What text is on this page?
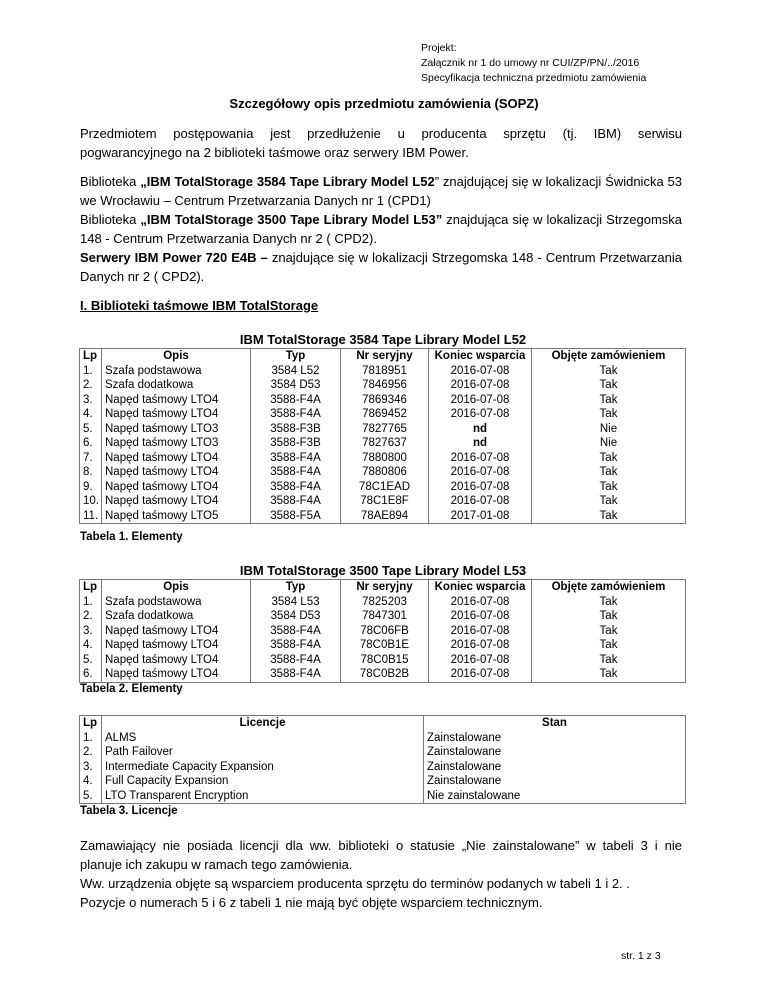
Projekt:
Załącznik nr 1 do umowy nr CUI/ZP/PN/../2016
Specyfikacja techniczna przedmiotu zamówienia
Szczegółowy opis przedmiotu zamówienia (SOPZ)
Przedmiotem postępowania jest przedłużenie u producenta sprzętu (tj. IBM) serwisu
pogwarancyjnego na 2 biblioteki taśmowe oraz serwery IBM Power.
Biblioteka „IBM TotalStorage 3584 Tape Library Model L52” znajdującej się w lokalizacji Świdnicka 53 we Wrocławiu – Centrum Przetwarzania Danych nr 1 (CPD1)
Biblioteka „IBM TotalStorage 3500 Tape Library Model L53” znajdująca się w lokalizacji Strzegomska 148 - Centrum Przetwarzania Danych nr 2 ( CPD2).
Serwery IBM Power 720 E4B – znajdujące się w lokalizacji Strzegomska 148 - Centrum Przetwarzania Danych nr 2 ( CPD2).
I. Biblioteki taśmowe IBM TotalStorage
IBM TotalStorage 3584 Tape Library Model L52
Lp	Opis	Typ	Nr seryjny	Koniec wsparcia	Objęte zamówieniem
1.	Szafa podstawowa	3584 L52	7818951	2016-07-08	Tak
2.	Szafa dodatkowa	3584 D53	7846956	2016-07-08	Tak
3.	Napęd taśmowy LTO4	3588-F4A	7869346	2016-07-08	Tak
4.	Napęd taśmowy LTO4	3588-F4A	7869452	2016-07-08	Tak
5.	Napęd taśmowy LTO3	3588-F3B	7827765	nd	Nie
6.	Napęd taśmowy LTO3	3588-F3B	7827637	nd	Nie
7.	Napęd taśmowy LTO4	3588-F4A	7880800	2016-07-08	Tak
8.	Napęd taśmowy LTO4	3588-F4A	7880806	2016-07-08	Tak
9.	Napęd taśmowy LTO4	3588-F4A	78C1EAD	2016-07-08	Tak
10.	Napęd taśmowy LTO4	3588-F4A	78C1E8F	2016-07-08	Tak
11.	Napęd taśmowy LTO5	3588-F5A	78AE894	2017-01-08	Tak
Tabela 1. Elementy
IBM TotalStorage 3500 Tape Library Model L53
Lp	Opis	Typ	Nr seryjny	Koniec wsparcia	Objęte zamówieniem
1.	Szafa podstawowa	3584 L53	7825203	2016-07-08	Tak
2.	Szafa dodatkowa	3584 D53	7847301	2016-07-08	Tak
3.	Napęd taśmowy LTO4	3588-F4A	78C06FB	2016-07-08	Tak
4.	Napęd taśmowy LTO4	3588-F4A	78C0B1E	2016-07-08	Tak
5.	Napęd taśmowy LTO4	3588-F4A	78C0B15	2016-07-08	Tak
6.	Napęd taśmowy LTO4	3588-F4A	78C0B2B	2016-07-08	Tak
Tabela 2. Elementy
Lp	Licencje	Stan
1.	ALMS	Zainstalowane
2.	Path Failover	Zainstalowane
3.	Intermediate Capacity Expansion	Zainstalowane
4.	Full Capacity Expansion	Zainstalowane
5.	LTO Transparent Encryption	Nie zainstalowane
Tabela 3. Licencje
Zamawiający nie posiada licencji dla ww. biblioteki o statusie „Nie zainstalowane” w tabeli 3 i nie
planuje ich zakupu w ramach tego zamówienia.
Ww. urządzenia objęte są wsparciem producenta sprzętu do terminów podanych w tabeli 1 i 2. .
Pozycje o numerach 5 i 6 z tabeli 1 nie mają być objęte wsparciem technicznym.
str. 1 z 3
